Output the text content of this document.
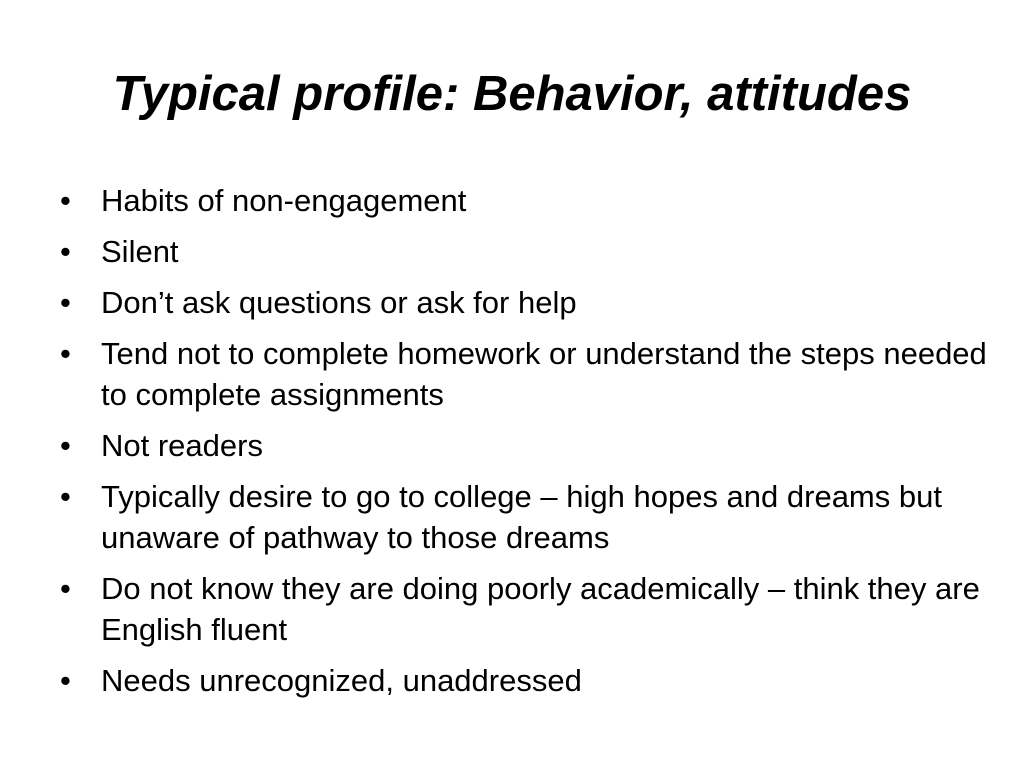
Typical profile: Behavior, attitudes
• Habits of non-engagement
• Silent
• Don’t ask questions or ask for help
• Tend not to complete homework or understand the steps needed to complete assignments
• Not readers
• Typically desire to go to college – high hopes and dreams but unaware of pathway to those dreams
• Do not know they are doing poorly academically – think they are English fluent
• Needs unrecognized, unaddressed
